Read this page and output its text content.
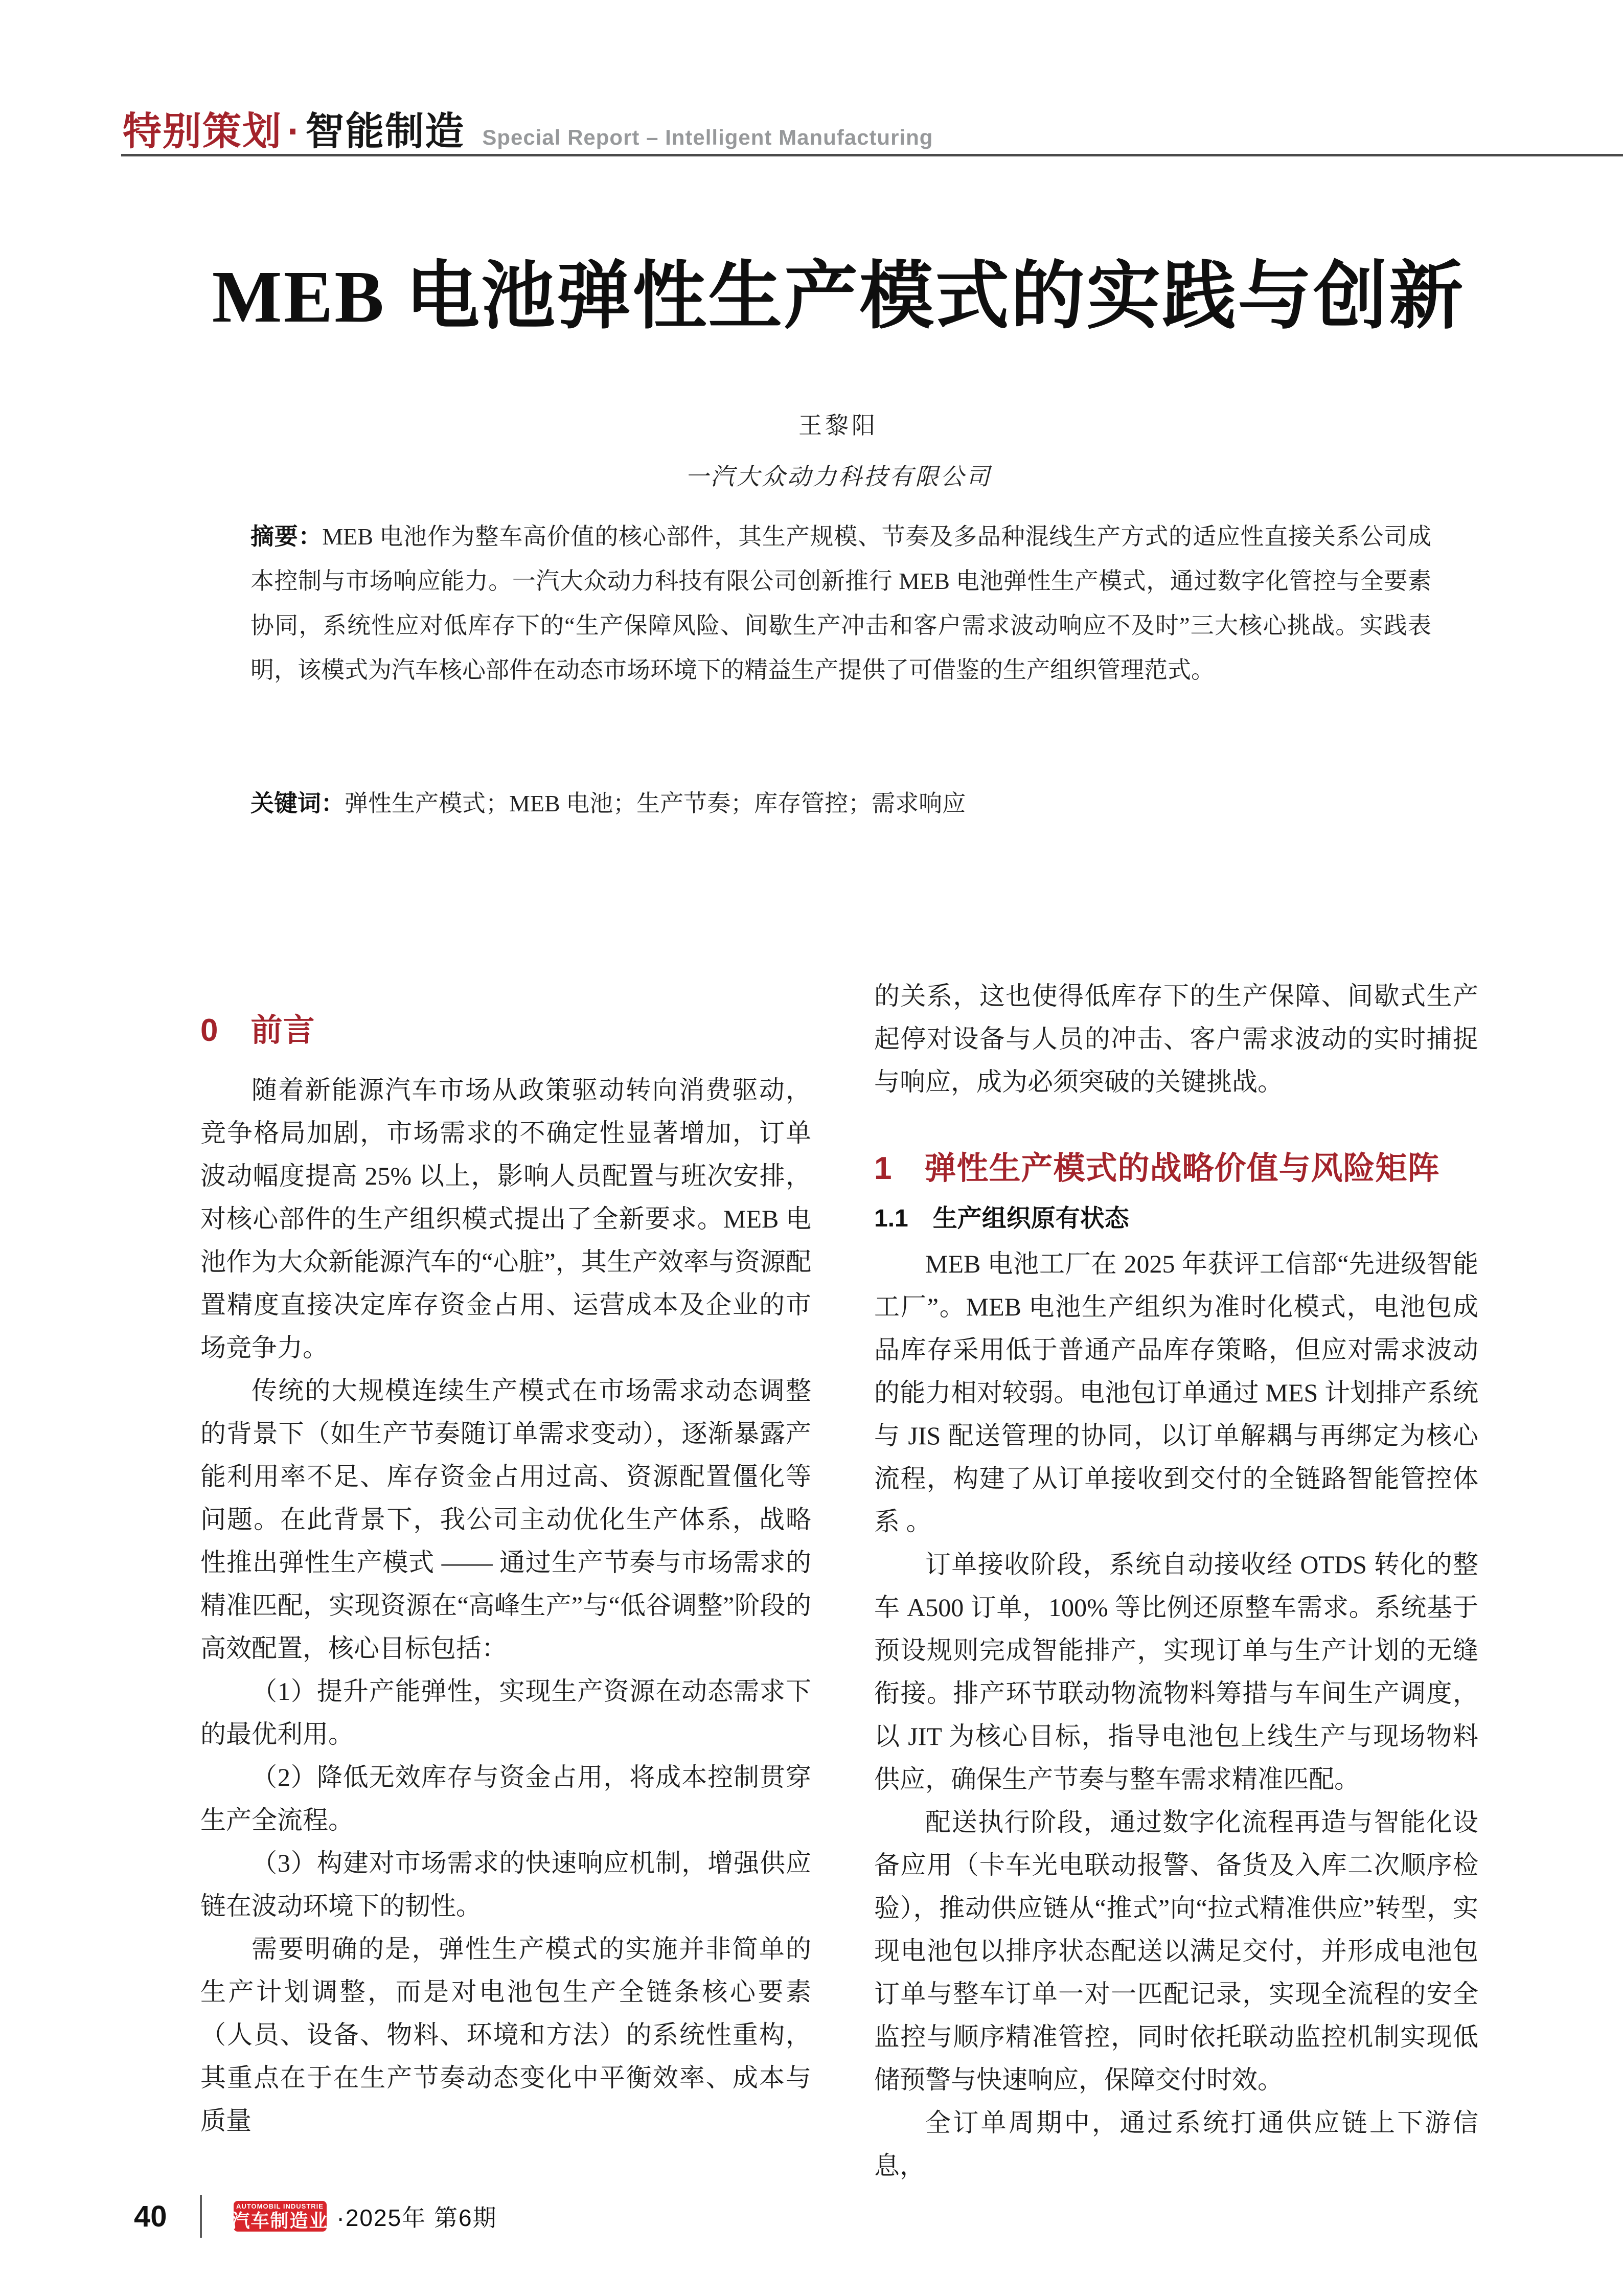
特别策划 · 智能制造 Special Report – Intelligent Manufacturing
MEB 电池弹性生产模式的实践与创新
王黎阳
一汽大众动力科技有限公司

摘要：MEB 电池作为整车高价值的核心部件，其生产规模、节奏及多品种混线生产方式的适应性直接关系公司成本控制与市场响应能力。一汽大众动力科技有限公司创新推行 MEB 电池弹性生产模式，通过数字化管控与全要素协同，系统性应对低库存下的“生产保障风险、间歇生产冲击和客户需求波动响应不及时”三大核心挑战。实践表明，该模式为汽车核心部件在动态市场环境下的精益生产提供了可借鉴的生产组织管理范式。

关键词：弹性生产模式；MEB 电池；生产节奏；库存管控；需求响应

0　前言

随着新能源汽车市场从政策驱动转向消费驱动，竞争格局加剧，市场需求的不确定性显著增加，订单波动幅度提高 25% 以上，影响人员配置与班次安排，对核心部件的生产组织模式提出了全新要求。MEB 电池作为大众新能源汽车的“心脏”，其生产效率与资源配置精度直接决定库存资金占用、运营成本及企业的市场竞争力。

传统的大规模连续生产模式在市场需求动态调整的背景下（如生产节奏随订单需求变动），逐渐暴露产能利用率不足、库存资金占用过高、资源配置僵化等问题。在此背景下，我公司主动优化生产体系，战略性推出弹性生产模式 —— 通过生产节奏与市场需求的精准匹配，实现资源在“高峰生产”与“低谷调整”阶段的高效配置，核心目标包括：

（1）提升产能弹性，实现生产资源在动态需求下的最优利用。

（2）降低无效库存与资金占用，将成本控制贯穿生产全流程。

（3）构建对市场需求的快速响应机制，增强供应链在波动环境下的韧性。

需要明确的是，弹性生产模式的实施并非简单的生产计划调整，而是对电池包生产全链条核心要素（人员、设备、物料、环境和方法）的系统性重构，其重点在于在生产节奏动态变化中平衡效率、成本与质量

的关系，这也使得低库存下的生产保障、间歇式生产起停对设备与人员的冲击、客户需求波动的实时捕捉与响应，成为必须突破的关键挑战。

1　弹性生产模式的战略价值与风险矩阵
1.1　生产组织原有状态

MEB 电池工厂在 2025 年获评工信部“先进级智能工厂”。MEB 电池生产组织为准时化模式，电池包成品库存采用低于普通产品库存策略，但应对需求波动的能力相对较弱。电池包订单通过 MES 计划排产系统与 JIS 配送管理的协同，以订单解耦与再绑定为核心流程，构建了从订单接收到交付的全链路智能管控体系 。

订单接收阶段，系统自动接收经 OTDS 转化的整车 A500 订单，100% 等比例还原整车需求。系统基于预设规则完成智能排产，实现订单与生产计划的无缝衔接。排产环节联动物流物料筹措与车间生产调度，以 JIT 为核心目标，指导电池包上线生产与现场物料供应，确保生产节奏与整车需求精准匹配。

配送执行阶段，通过数字化流程再造与智能化设备应用（卡车光电联动报警、备货及入库二次顺序检验），推动供应链从“推式”向“拉式精准供应”转型，实现电池包以排序状态配送以满足交付，并形成电池包订单与整车订单一对一匹配记录，实现全流程的安全监控与顺序精准管控，同时依托联动监控机制实现低储预警与快速响应，保障交付时效。

全订单周期中，通过系统打通供应链上下游信息，

40	AUTOMOBIL INDUSTRIE
汽车制造业 ·2025年 第6期
